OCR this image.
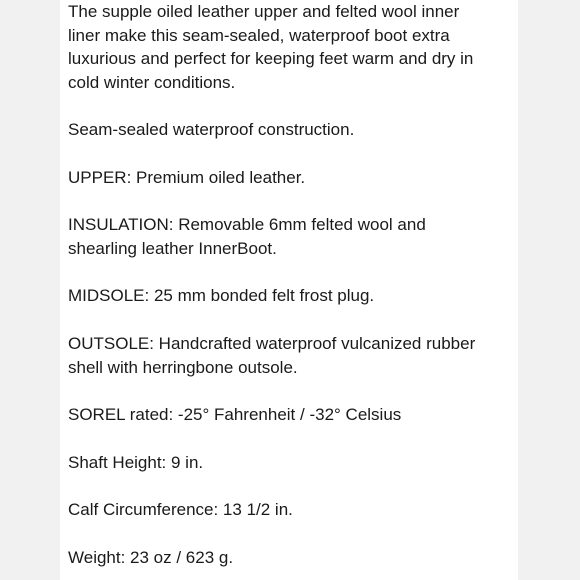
The supple oiled leather upper and felted wool inner
liner make this seam-sealed, waterproof boot extra
luxurious and perfect for keeping feet warm and dry in
cold winter conditions.

Seam-sealed waterproof construction.

UPPER: Premium oiled leather.

INSULATION: Removable 6mm felted wool and
shearling leather InnerBoot.

MIDSOLE: 25 mm bonded felt frost plug.

OUTSOLE: Handcrafted waterproof vulcanized rubber
shell with herringbone outsole.

SOREL rated: -25° Fahrenheit / -32° Celsius

Shaft Height: 9 in.

Calf Circumference: 13 1/2 in.

Weight: 23 oz / 623 g.
